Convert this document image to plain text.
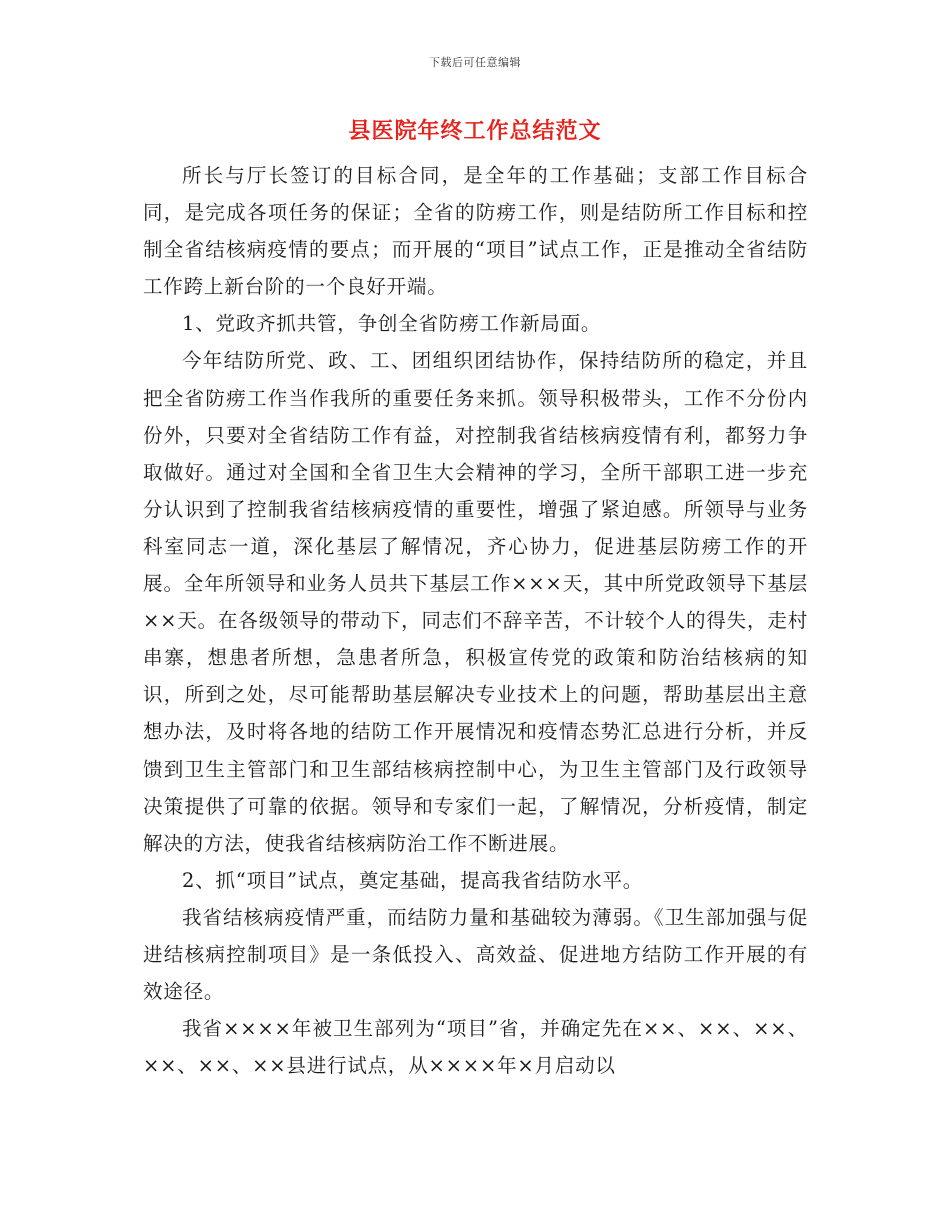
下载后可任意编辑
县医院年终工作总结范文

所长与厅长签订的目标合同，是全年的工作基础；支部工作目标合同，是完成各项任务的保证；全省的防痨工作，则是结防所工作目标和控制全省结核病疫情的要点；而开展的“项目”试点工作，正是推动全省结防工作跨上新台阶的一个良好开端。

1、党政齐抓共管，争创全省防痨工作新局面。

今年结防所党、政、工、团组织团结协作，保持结防所的稳定，并且把全省防痨工作当作我所的重要任务来抓。领导积极带头，工作不分份内份外，只要对全省结防工作有益，对控制我省结核病疫情有利，都努力争取做好。通过对全国和全省卫生大会精神的学习，全所干部职工进一步充分认识到了控制我省结核病疫情的重要性，增强了紧迫感。所领导与业务科室同志一道，深化基层了解情况，齐心协力，促进基层防痨工作的开展。全年所领导和业务人员共下基层工作×××天，其中所党政领导下基层××天。在各级领导的带动下，同志们不辞辛苦，不计较个人的得失，走村串寨，想患者所想，急患者所急，积极宣传党的政策和防治结核病的知识，所到之处，尽可能帮助基层解决专业技术上的问题，帮助基层出主意想办法，及时将各地的结防工作开展情况和疫情态势汇总进行分析，并反馈到卫生主管部门和卫生部结核病控制中心，为卫生主管部门及行政领导决策提供了可靠的依据。领导和专家们一起，了解情况，分析疫情，制定解决的方法，使我省结核病防治工作不断进展。

2、抓“项目”试点，奠定基础，提高我省结防水平。

我省结核病疫情严重，而结防力量和基础较为薄弱。《卫生部加强与促进结核病控制项目》是一条低投入、高效益、促进地方结防工作开展的有效途径。

我省××××年被卫生部列为“项目”省，并确定先在××、××、××、××、××、××县进行试点，从××××年×月启动以
